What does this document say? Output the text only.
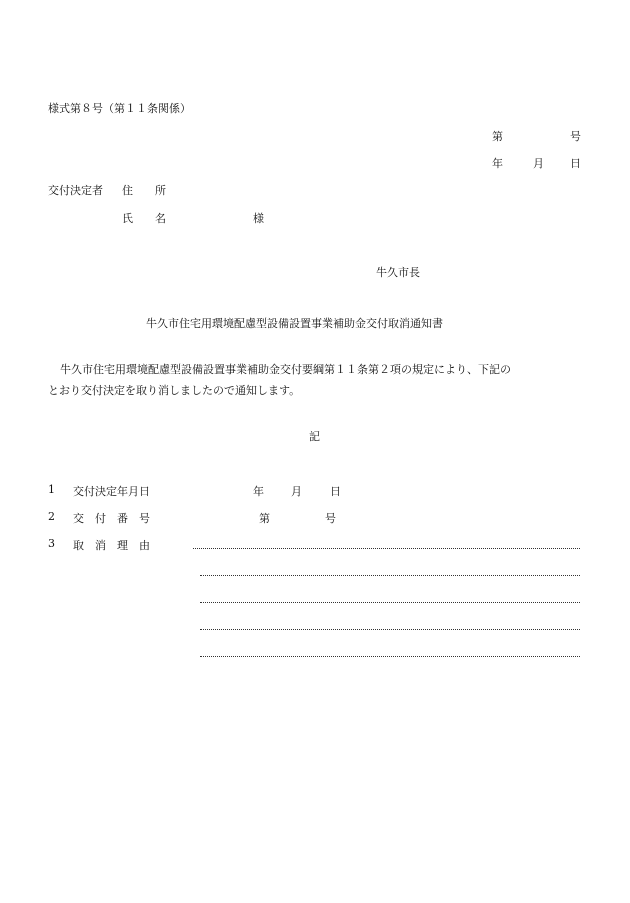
様式第８号（第１１条関係）
第	号
年	月 日
交付決定者 住　　所
氏　　名	様
牛久市長
牛久市住宅用環境配慮型設備設置事業補助金交付取消通知書
牛久市住宅用環境配慮型設備設置事業補助金交付要綱第１１条第２項の規定により、下記の
とおり交付決定を取り消しましたので通知します。
記
1 交付決定年月日	年 月	日
2 交　付　番　号	第	号
3 取　消　理　由
